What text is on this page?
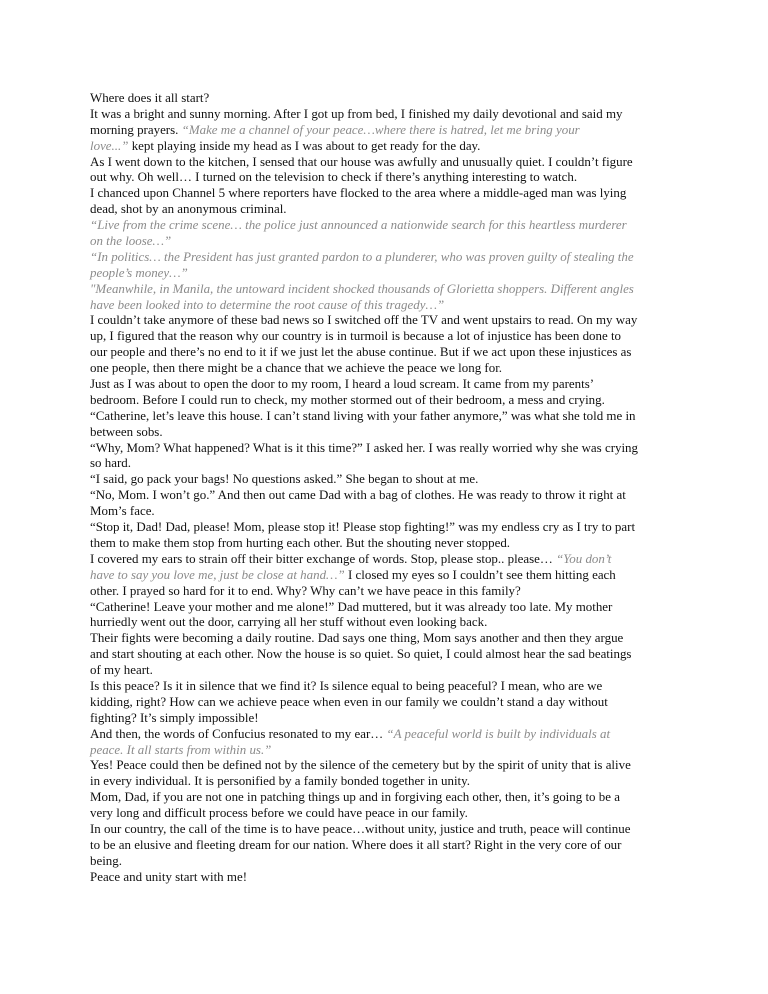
Where does it all start?

It was a bright and sunny morning. After I got up from bed, I finished my daily devotional and said my

morning prayers. “Make me a channel of your peace…where there is hatred, let me bring your

love...” kept playing inside my head as I was about to get ready for the day.

As I went down to the kitchen, I sensed that our house was awfully and unusually quiet. I couldn’t figure

out why. Oh well… I turned on the television to check if there’s anything interesting to watch.

I chanced upon Channel 5 where reporters have flocked to the area where a middle-aged man was lying

dead, shot by an anonymous criminal.

“Live from the crime scene… the police just announced a nationwide search for this heartless murderer

on the loose…”

“In politics… the President has just granted pardon to a plunderer, who was proven guilty of stealing the

people’s money…”

"Meanwhile, in Manila, the untoward incident shocked thousands of Glorietta shoppers. Different angles

have been looked into to determine the root cause of this tragedy…”

I couldn’t take anymore of these bad news so I switched off the TV and went upstairs to read. On my way

up, I figured that the reason why our country is in turmoil is because a lot of injustice has been done to

our people and there’s no end to it if we just let the abuse continue. But if we act upon these injustices as

one people, then there might be a chance that we achieve the peace we long for.

Just as I was about to open the door to my room, I heard a loud scream. It came from my parents’

bedroom. Before I could run to check, my mother stormed out of their bedroom, a mess and crying.

“Catherine, let’s leave this house. I can’t stand living with your father anymore,” was what she told me in

between sobs.

“Why, Mom? What happened? What is it this time?” I asked her. I was really worried why she was crying

so hard.

“I said, go pack your bags! No questions asked.” She began to shout at me.

“No, Mom. I won’t go.” And then out came Dad with a bag of clothes. He was ready to throw it right at

Mom’s face.

“Stop it, Dad! Dad, please! Mom, please stop it! Please stop fighting!” was my endless cry as I try to part

them to make them stop from hurting each other. But the shouting never stopped.

I covered my ears to strain off their bitter exchange of words. Stop, please stop.. please… “You don’t

have to say you love me, just be close at hand…” I closed my eyes so I couldn’t see them hitting each

other. I prayed so hard for it to end. Why? Why can’t we have peace in this family?

“Catherine! Leave your mother and me alone!” Dad muttered, but it was already too late. My mother

hurriedly went out the door, carrying all her stuff without even looking back.

Their fights were becoming a daily routine. Dad says one thing, Mom says another and then they argue

and start shouting at each other. Now the house is so quiet. So quiet, I could almost hear the sad beatings

of my heart.

Is this peace? Is it in silence that we find it? Is silence equal to being peaceful? I mean, who are we

kidding, right? How can we achieve peace when even in our family we couldn’t stand a day without

fighting? It’s simply impossible!

And then, the words of Confucius resonated to my ear… “A peaceful world is built by individuals at

peace. It all starts from within us.”

Yes! Peace could then be defined not by the silence of the cemetery but by the spirit of unity that is alive

in every individual. It is personified by a family bonded together in unity.

Mom, Dad, if you are not one in patching things up and in forgiving each other, then, it’s going to be a

very long and difficult process before we could have peace in our family.

In our country, the call of the time is to have peace…without unity, justice and truth, peace will continue

to be an elusive and fleeting dream for our nation. Where does it all start? Right in the very core of our

being.

Peace and unity start with me!
